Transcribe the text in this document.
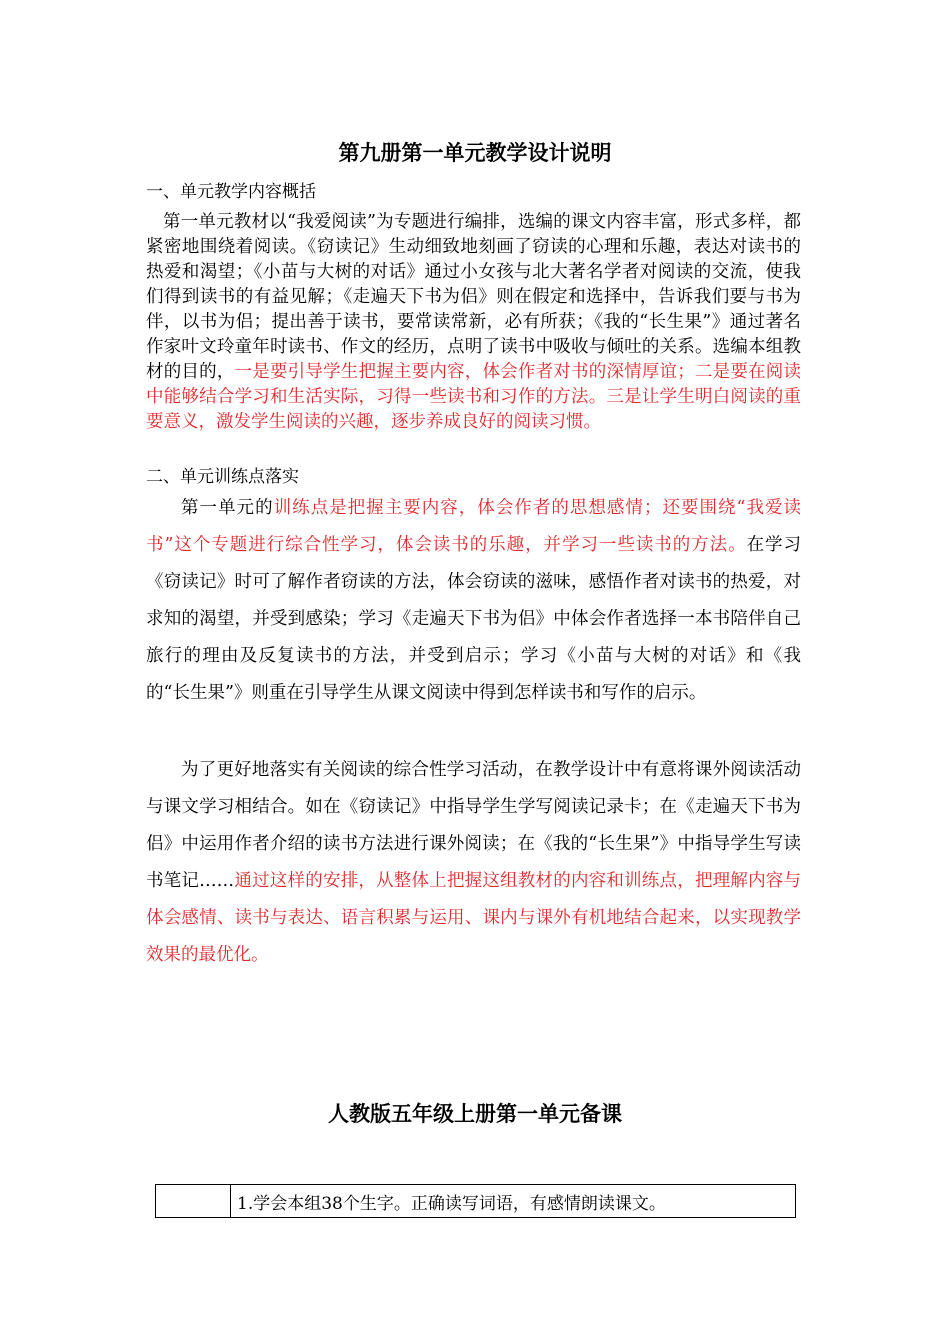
第九册第一单元教学设计说明
一、单元教学内容概括
第一单元教材以“我爱阅读”为专题进行编排，选编的课文内容丰富，形式多样，都紧密地围绕着阅读。《窃读记》生动细致地刻画了窃读的心理和乐趣，表达对读书的热爱和渴望；《小苗与大树的对话》通过小女孩与北大著名学者对阅读的交流，使我们得到读书的有益见解；《走遍天下书为侣》则在假定和选择中，告诉我们要与书为伴，以书为侣；提出善于读书，要常读常新，必有所获；《我的“长生果”》通过著名作家叶文玲童年时读书、作文的经历，点明了读书中吸收与倾吐的关系。选编本组教材的目的，一是要引导学生把握主要内容，体会作者对书的深情厚谊；二是要在阅读中能够结合学习和生活实际，习得一些读书和习作的方法。三是让学生明白阅读的重要意义，激发学生阅读的兴趣，逐步养成良好的阅读习惯。
二、单元训练点落实
第一单元的训练点是把握主要内容，体会作者的思想感情；还要围绕“我爱读书”这个专题进行综合性学习，体会读书的乐趣，并学习一些读书的方法。在学习《窃读记》时可了解作者窃读的方法，体会窃读的滋味，感悟作者对读书的热爱，对求知的渴望，并受到感染；学习《走遍天下书为侣》中体会作者选择一本书陪伴自己旅行的理由及反复读书的方法，并受到启示；学习《小苗与大树的对话》和《我的“长生果”》则重在引导学生从课文阅读中得到怎样读书和写作的启示。
为了更好地落实有关阅读的综合性学习活动，在教学设计中有意将课外阅读活动与课文学习相结合。如在《窃读记》中指导学生学写阅读记录卡；在《走遍天下书为侣》中运用作者介绍的读书方法进行课外阅读；在《我的“长生果”》中指导学生写读书笔记……通过这样的安排，从整体上把握这组教材的内容和训练点，把理解内容与体会感情、读书与表达、语言积累与运用、课内与课外有机地结合起来，以实现教学效果的最优化。
人教版五年级上册第一单元备课
	1.学会本组38个生字。正确读写词语，有感情朗读课文。
